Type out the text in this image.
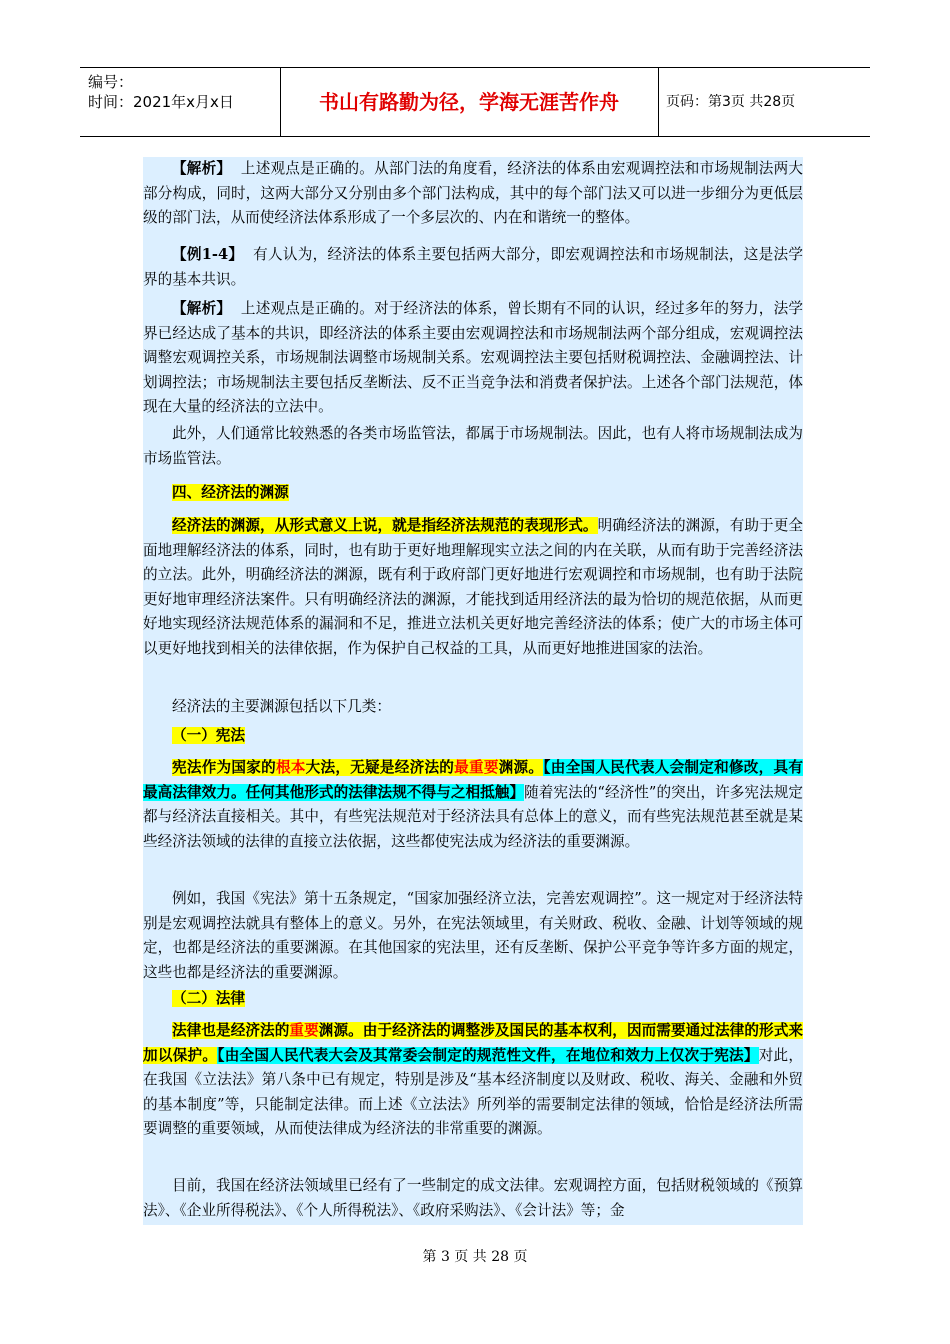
编号：
时间：2021年x月x日	书山有路勤为径，学海无涯苦作舟	页码：第3页 共28页

【解析】 上述观点是正确的。从部门法的角度看，经济法的体系由宏观调控法和市场规制法两大部分构成，同时，这两大部分又分别由多个部门法构成，其中的每个部门法又可以进一步细分为更低层级的部门法，从而使经济法体系形成了一个多层次的、内在和谐统一的整体。

【例1-4】 有人认为，经济法的体系主要包括两大部分，即宏观调控法和市场规制法，这是法学界的基本共识。

【解析】 上述观点是正确的。对于经济法的体系，曾长期有不同的认识，经过多年的努力，法学界已经达成了基本的共识，即经济法的体系主要由宏观调控法和市场规制法两个部分组成，宏观调控法调整宏观调控关系，市场规制法调整市场规制关系。宏观调控法主要包括财税调控法、金融调控法、计划调控法；市场规制法主要包括反垄断法、反不正当竞争法和消费者保护法。上述各个部门法规范，体现在大量的经济法的立法中。

此外，人们通常比较熟悉的各类市场监管法，都属于市场规制法。因此，也有人将市场规制法成为市场监管法。

四、经济法的渊源

经济法的渊源，从形式意义上说，就是指经济法规范的表现形式。明确经济法的渊源，有助于更全面地理解经济法的体系，同时，也有助于更好地理解现实立法之间的内在关联，从而有助于完善经济法的立法。此外，明确经济法的渊源，既有利于政府部门更好地进行宏观调控和市场规制，也有助于法院更好地审理经济法案件。只有明确经济法的渊源，才能找到适用经济法的最为恰切的规范依据，从而更好地实现经济法规范体系的漏洞和不足，推进立法机关更好地完善经济法的体系；使广大的市场主体可以更好地找到相关的法律依据，作为保护自己权益的工具，从而更好地推进国家的法治。

经济法的主要渊源包括以下几类：

（一）宪法

宪法作为国家的根本大法，无疑是经济法的最重要渊源。【由全国人民代表人会制定和修改，具有最高法律效力。任何其他形式的法律法规不得与之相抵触】随着宪法的“经济性”的突出，许多宪法规定都与经济法直接相关。其中，有些宪法规范对于经济法具有总体上的意义，而有些宪法规范甚至就是某些经济法领域的法律的直接立法依据，这些都使宪法成为经济法的重要渊源。

例如，我国《宪法》第十五条规定，“国家加强经济立法，完善宏观调控”。这一规定对于经济法特别是宏观调控法就具有整体上的意义。另外，在宪法领域里，有关财政、税收、金融、计划等领域的规定，也都是经济法的重要渊源。在其他国家的宪法里，还有反垄断、保护公平竞争等许多方面的规定，这些也都是经济法的重要渊源。

（二）法律

法律也是经济法的重要渊源。由于经济法的调整涉及国民的基本权利，因而需要通过法律的形式来加以保护。【由全国人民代表大会及其常委会制定的规范性文件，在地位和效力上仅次于宪法】对此，在我国《立法法》第八条中已有规定，特别是涉及“基本经济制度以及财政、税收、海关、金融和外贸的基本制度”等，只能制定法律。而上述《立法法》所列举的需要制定法律的领域，恰恰是经济法所需要调整的重要领域，从而使法律成为经济法的非常重要的渊源。

目前，我国在经济法领域里已经有了一些制定的成文法律。宏观调控方面，包括财税领域的《预算法》、《企业所得税法》、《个人所得税法》、《政府采购法》、《会计法》等；金

第 3 页 共 28 页
